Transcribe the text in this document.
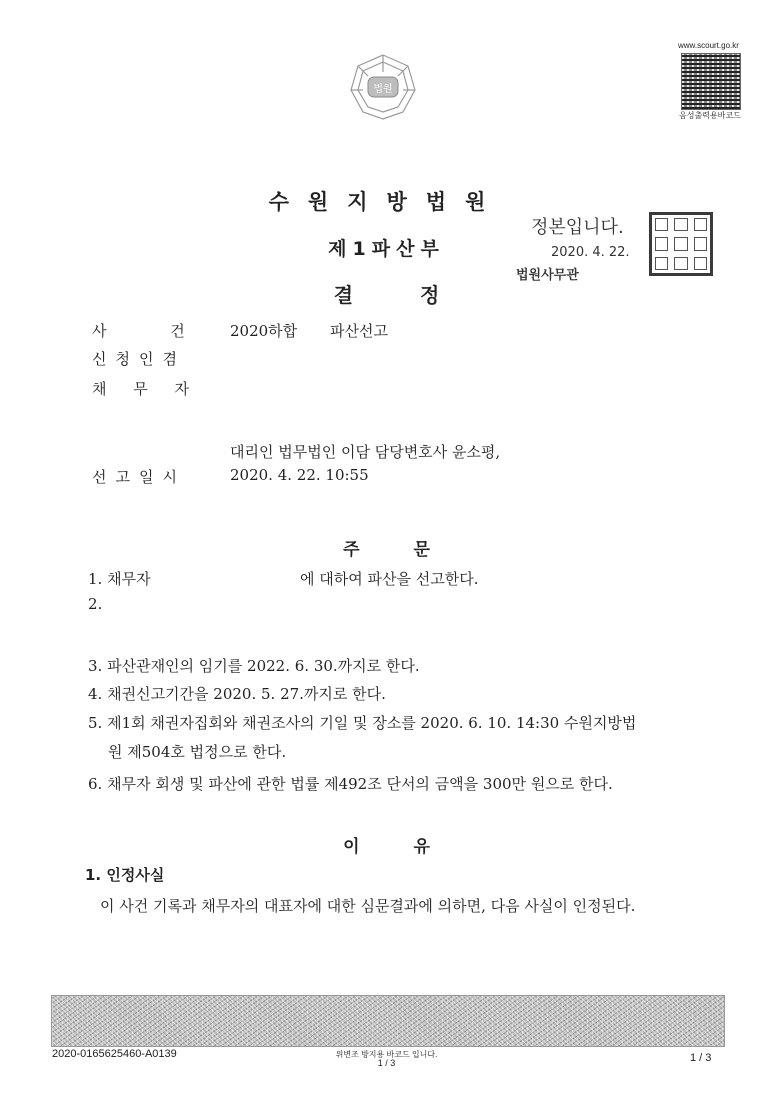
법원
www.scourt.go.kr
음성출력용바코드
수원지방법원
제1파산부
결 정
정본입니다.
2020. 4. 22.
법원사무관
사 건	2020하합 파산선고
신청인겸
채 무 자
대리인 법무법인 이담 담당변호사 윤소평,
선고일시	2020. 4. 22. 10:55
주 문
1. 채무자	에 대하여 파산을 선고한다.
2.
3. 파산관재인의 임기를 2022. 6. 30.까지로 한다.
4. 채권신고기간을 2020. 5. 27.까지로 한다.
5. 제1회 채권자집회와 채권조사의 기일 및 장소를 2020. 6. 10. 14:30 수원지방법
원 제504호 법정으로 한다.
6. 채무자 회생 및 파산에 관한 법률 제492조 단서의 금액을 300만 원으로 한다.
이 유
1. 인정사실
이 사건 기록과 채무자의 대표자에 대한 심문결과에 의하면, 다음 사실이 인정된다.
2020-0165625460-A0139	위변조 방지용 바코드 입니다.
1 / 3	1 / 3
